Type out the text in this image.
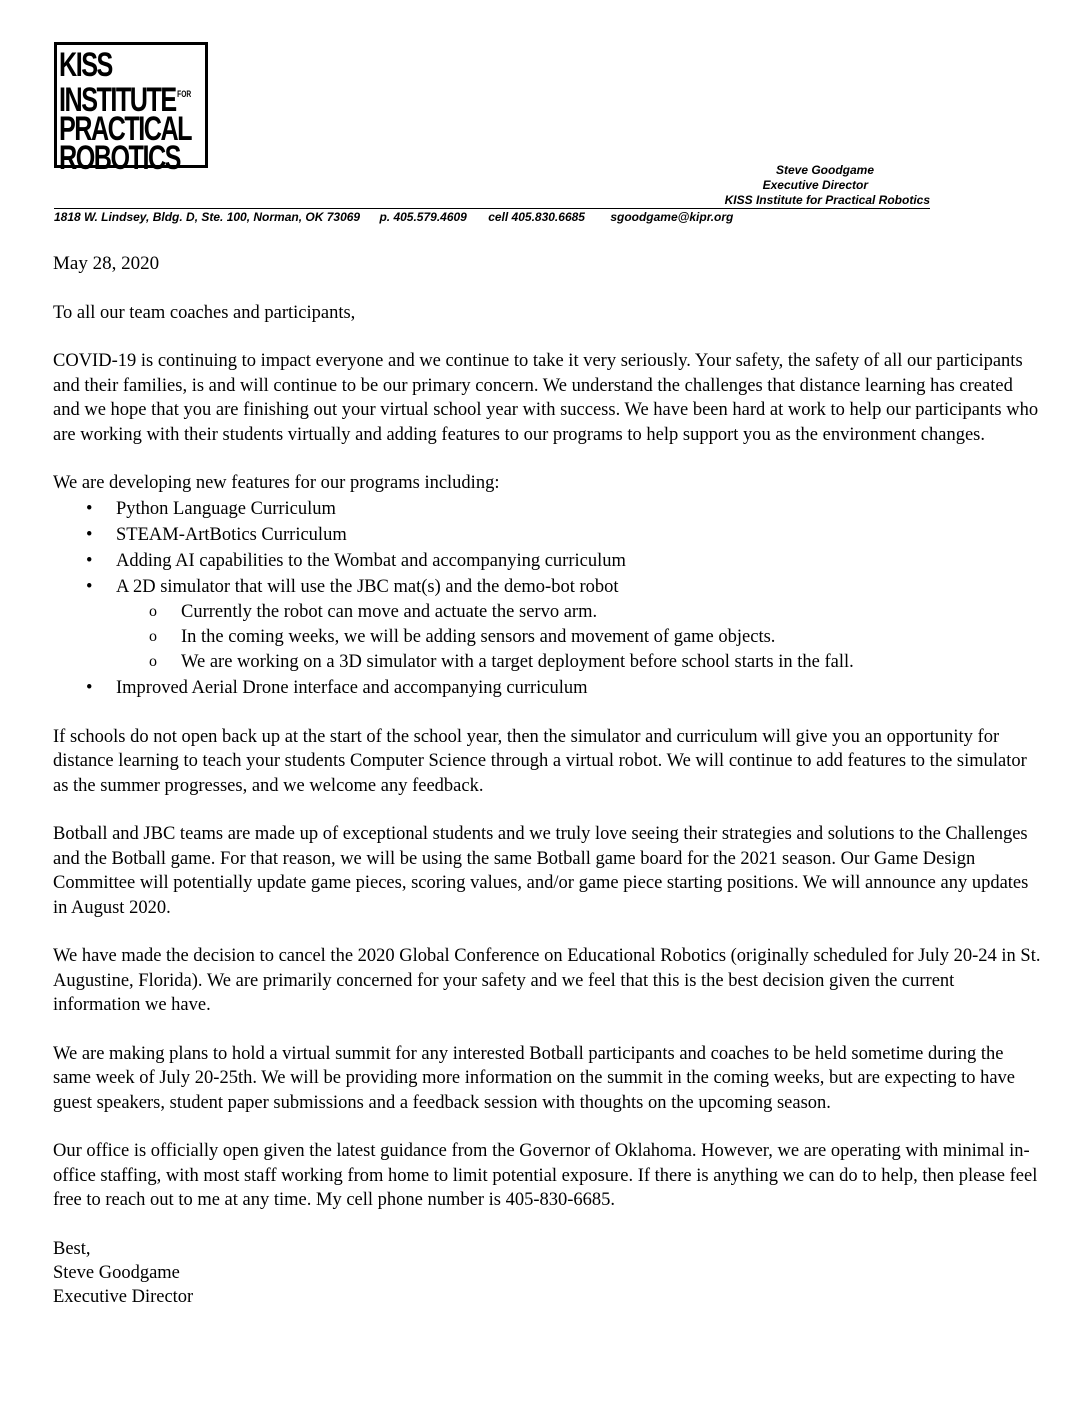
KISS
$INSTITUTE^{FOR}$
PRACTICAL
ROBOTICS	Steve Goodgame
Executive Director
KISS Institute for Practical Robotics
1818 W. Lindsey, Bldg. D, Ste. 100, Norman, OK 73069 p. 405.579.4609 cell 405.830.6685 sgoodgame@kipr.org

May 28, 2020

To all our team coaches and participants,

COVID-19 is continuing to impact everyone and we continue to take it very seriously. Your safety, the safety of all our participants and their families, is and will continue to be our primary concern. We understand the challenges that distance learning has created and we hope that you are finishing out your virtual school year with success. We have been hard at work to help our participants who are working with their students virtually and adding features to our programs to help support you as the environment changes.

We are developing new features for our programs including:

• Python Language Curriculum
• STEAM-ArtBotics Curriculum
• Adding AI capabilities to the Wombat and accompanying curriculum
• A 2D simulator that will use the JBC mat(s) and the demo-bot robot
o Currently the robot can move and actuate the servo arm.
o In the coming weeks, we will be adding sensors and movement of game objects.
o We are working on a 3D simulator with a target deployment before school starts in the fall.
• Improved Aerial Drone interface and accompanying curriculum

If schools do not open back up at the start of the school year, then the simulator and curriculum will give you an opportunity for distance learning to teach your students Computer Science through a virtual robot. We will continue to add features to the simulator as the summer progresses, and we welcome any feedback.

Botball and JBC teams are made up of exceptional students and we truly love seeing their strategies and solutions to the Challenges and the Botball game. For that reason, we will be using the same Botball game board for the 2021 season. Our Game Design Committee will potentially update game pieces, scoring values, and/or game piece starting positions. We will announce any updates in August 2020.

We have made the decision to cancel the 2020 Global Conference on Educational Robotics (originally scheduled for July 20-24 in St. Augustine, Florida). We are primarily concerned for your safety and we feel that this is the best decision given the current information we have.

We are making plans to hold a virtual summit for any interested Botball participants and coaches to be held sometime during the same week of July 20-25th. We will be providing more information on the summit in the coming weeks, but are expecting to have guest speakers, student paper submissions and a feedback session with thoughts on the upcoming season.

Our office is officially open given the latest guidance from the Governor of Oklahoma. However, we are operating with minimal in-office staffing, with most staff working from home to limit potential exposure. If there is anything we can do to help, then please feel free to reach out to me at any time. My cell phone number is 405-830-6685.

Best,

Steve Goodgame

Executive Director
